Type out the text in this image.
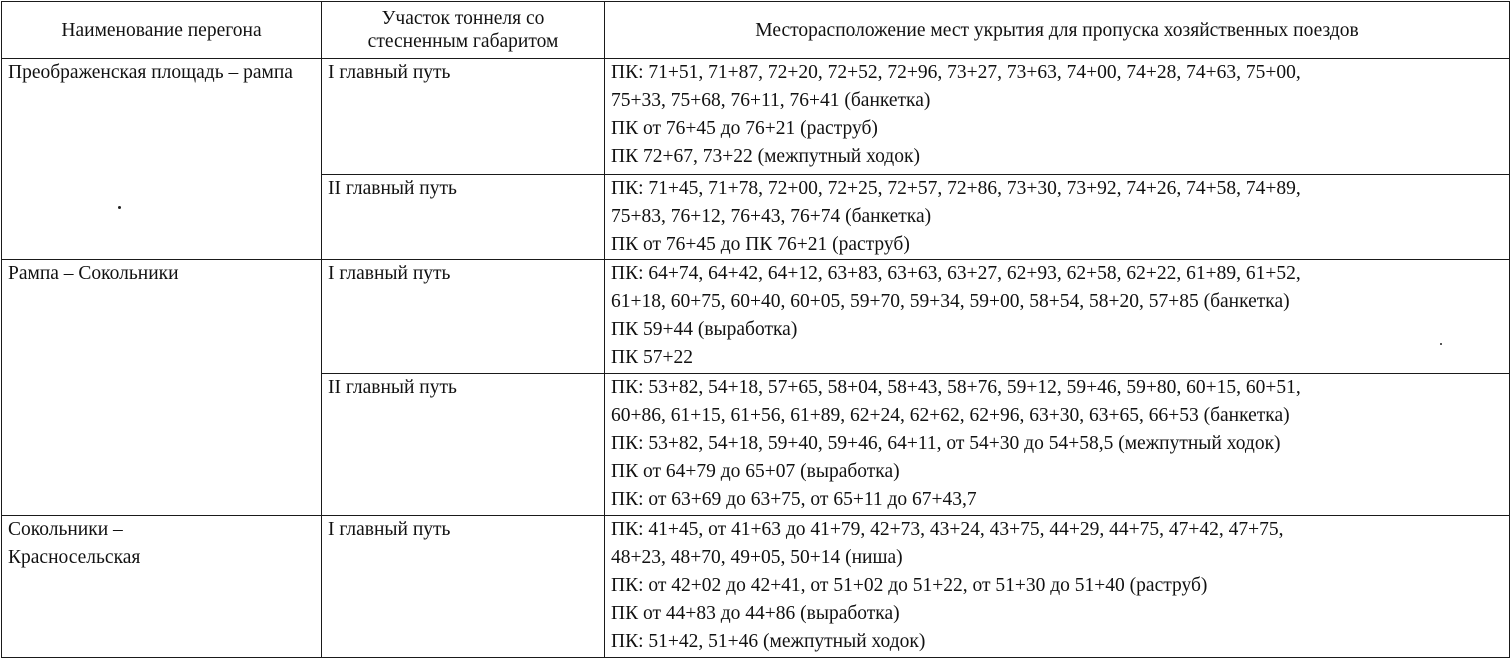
Наименование перегона	Участок тоннеля со стесненным габаритом	Месторасположение мест укрытия для пропуска хозяйственных поездов

Преображенская площадь – рампа	I главный путь	ПК: 71+51, 71+87, 72+20, 72+52, 72+96, 73+27, 73+63, 74+00, 74+28, 74+63, 75+00,
75+33, 75+68, 76+11, 76+41 (банкетка)
ПК от 76+45 до 76+21 (раструб)
ПК 72+67, 73+22 (межпутный ходок)

	II главный путь	ПК: 71+45, 71+78, 72+00, 72+25, 72+57, 72+86, 73+30, 73+92, 74+26, 74+58, 74+89,
75+83, 76+12, 76+43, 76+74 (банкетка)
ПК от 76+45 до ПК 76+21 (раструб)

Рампа – Сокольники	I главный путь	ПК: 64+74, 64+42, 64+12, 63+83, 63+63, 63+27, 62+93, 62+58, 62+22, 61+89, 61+52,
61+18, 60+75, 60+40, 60+05, 59+70, 59+34, 59+00, 58+54, 58+20, 57+85 (банкетка)
ПК 59+44 (выработка)
ПК 57+22

	II главный путь	ПК: 53+82, 54+18, 57+65, 58+04, 58+43, 58+76, 59+12, 59+46, 59+80, 60+15, 60+51,
60+86, 61+15, 61+56, 61+89, 62+24, 62+62, 62+96, 63+30, 63+65, 66+53 (банкетка)
ПК: 53+82, 54+18, 59+40, 59+46, 64+11, от 54+30 до 54+58,5 (межпутный ходок)
ПК от 64+79 до 65+07 (выработка)
ПК: от 63+69 до 63+75, от 65+11 до 67+43,7

Сокольники – Красносельская	I главный путь	ПК: 41+45, от 41+63 до 41+79, 42+73, 43+24, 43+75, 44+29, 44+75, 47+42, 47+75,
48+23, 48+70, 49+05, 50+14 (ниша)
ПК: от 42+02 до 42+41, от 51+02 до 51+22, от 51+30 до 51+40 (раструб)
ПК от 44+83 до 44+86 (выработка)
ПК: 51+42, 51+46 (межпутный ходок)
